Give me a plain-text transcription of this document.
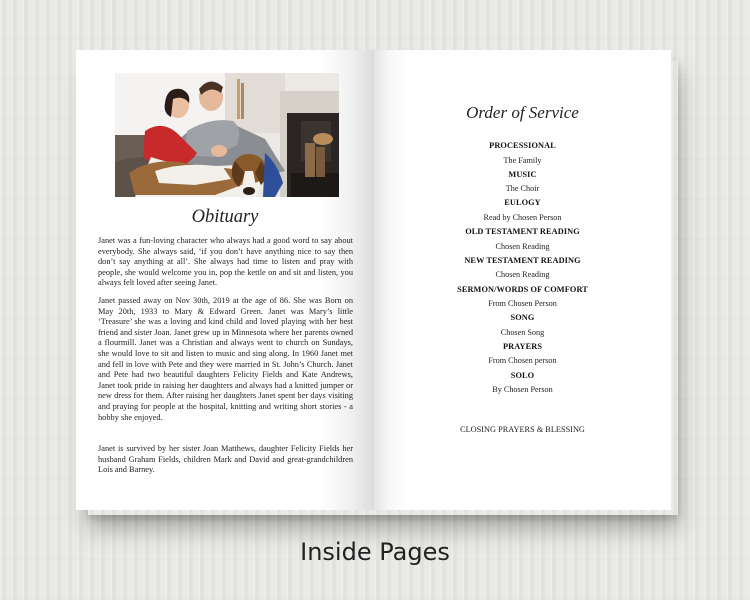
Obituary

Janet was a fun-loving character who always had a good word to say about everybody. She always said, ‘if you don’t have anything nice to say then don’t say anything at all’. She always had time to listen and pray with people, she would welcome you in, pop the kettle on and sit and listen, you always felt loved after seeing Janet.

Janet passed away on Nov 30th, 2019 at the age of 86. She was Born on May 20th, 1933 to Mary & Edward Green. Janet was Mary’s little ‘Treasure’ she was a loving and kind child and loved playing with her best friend and sister Joan. Janet grew up in Minnesota where her parents owned a flourmill. Janet was a Christian and always went to church on Sundays, she would love to sit and listen to music and sing along. In 1960 Janet met and fell in love with Pete and they were married in St. John’s Church. Janet and Pete had two beautiful daughters Felicity Fields and Kate Andrews, Janet took pride in raising her daughters and always had a knitted jumper or new dress for them. After raising her daughters Janet spent her days visiting and praying for people at the hospital, knitting and writing short stories - a hobby she enjoyed.

Janet is survived by her sister Joan Matthews, daughter Felicity Fields her husband Graham Fields, children Mark and David and great-grandchildren Lois and Barney.

Order of Service
PROCESSIONAL
The Family
MUSIC
The Choir
EULOGY
Read by Chosen Person
OLD TESTAMENT READING
Chosen Reading
NEW TESTAMENT READING
Chosen Reading
SERMON/WORDS OF COMFORT
From Chosen Person
SONG
Chosen Song
PRAYERS
From Chosen person
SOLO
By Chosen Person
CLOSING PRAYERS & BLESSING
Inside Pages
